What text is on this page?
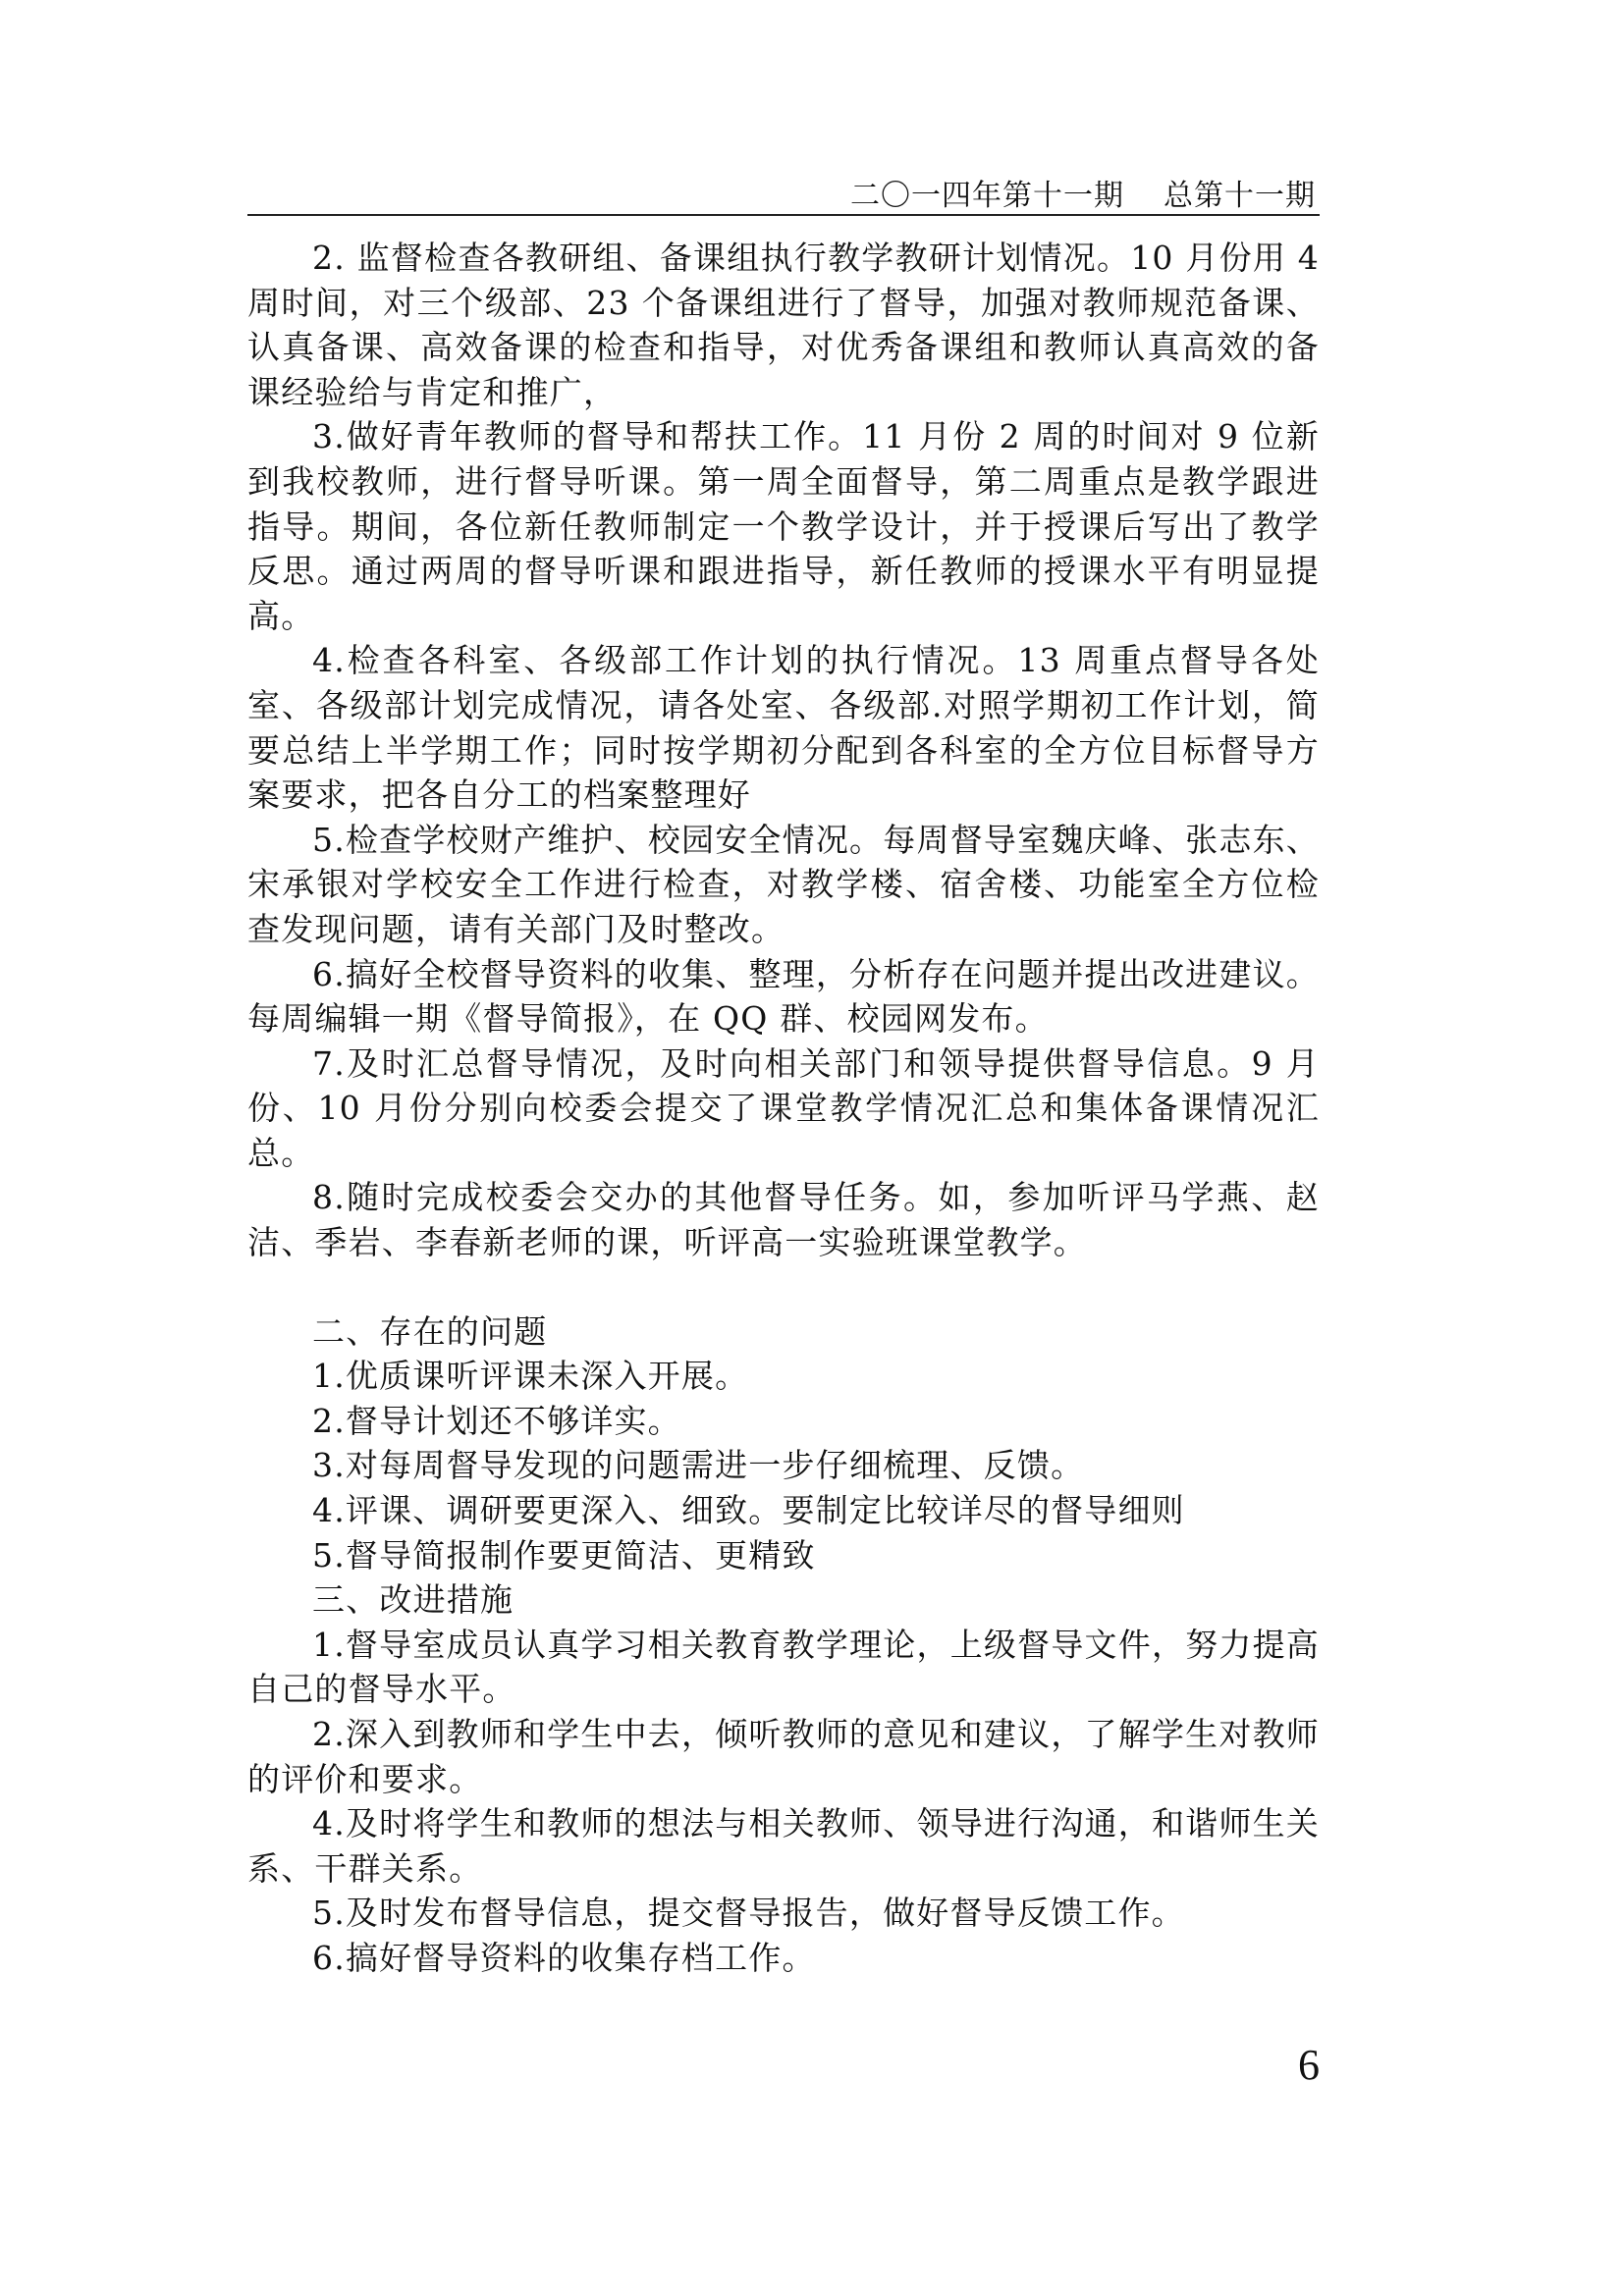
二〇一四年第十一期 总第十一期

2. 监督检查各教研组、备课组执行教学教研计划情况。10 月份用 4 周时间，对三个级部、23 个备课组进行了督导，加强对教师规范备课、认真备课、高效备课的检查和指导，对优秀备课组和教师认真高效的备课经验给与肯定和推广，

3.做好青年教师的督导和帮扶工作。11 月份 2 周的时间对 9 位新到我校教师，进行督导听课。第一周全面督导，第二周重点是教学跟进指导。期间，各位新任教师制定一个教学设计，并于授课后写出了教学反思。通过两周的督导听课和跟进指导，新任教师的授课水平有明显提高。

4.检查各科室、各级部工作计划的执行情况。13 周重点督导各处室、各级部计划完成情况，请各处室、各级部.对照学期初工作计划，简要总结上半学期工作；同时按学期初分配到各科室的全方位目标督导方案要求，把各自分工的档案整理好

5.检查学校财产维护、校园安全情况。每周督导室魏庆峰、张志东、宋承银对学校安全工作进行检查，对教学楼、宿舍楼、功能室全方位检查发现问题，请有关部门及时整改。

6.搞好全校督导资料的收集、整理，分析存在问题并提出改进建议。每周编辑一期《督导简报》，在 QQ 群、校园网发布。

7.及时汇总督导情况，及时向相关部门和领导提供督导信息。9 月份、10 月份分别向校委会提交了课堂教学情况汇总和集体备课情况汇总。

8.随时完成校委会交办的其他督导任务。如，参加听评马学燕、赵洁、季岩、李春新老师的课，听评高一实验班课堂教学。

二、存在的问题

1.优质课听评课未深入开展。

2.督导计划还不够详实。

3.对每周督导发现的问题需进一步仔细梳理、反馈。

4.评课、调研要更深入、细致。要制定比较详尽的督导细则

5.督导简报制作要更简洁、更精致

三、改进措施

1.督导室成员认真学习相关教育教学理论，上级督导文件，努力提高自己的督导水平。

2.深入到教师和学生中去，倾听教师的意见和建议，了解学生对教师的评价和要求。

4.及时将学生和教师的想法与相关教师、领导进行沟通，和谐师生关系、干群关系。

5.及时发布督导信息，提交督导报告，做好督导反馈工作。

6.搞好督导资料的收集存档工作。

6
